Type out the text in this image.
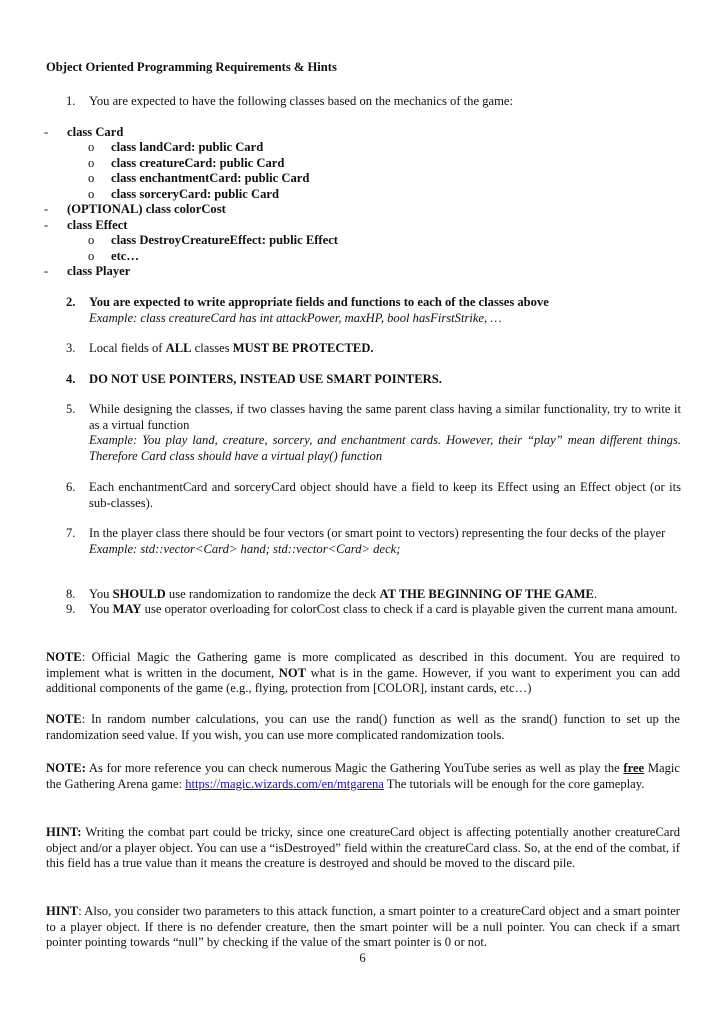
Object Oriented Programming Requirements & Hints
1. You are expected to have the following classes based on the mechanics of the game:
- class Card
o class landCard: public Card
o class creatureCard: public Card
o class enchantmentCard: public Card
o class sorceryCard: public Card
- (OPTIONAL) class colorCost
- class Effect
o class DestroyCreatureEffect: public Effect
o etc…
- class Player
2. You are expected to write appropriate fields and functions to each of the classes above
Example: class creatureCard has int attackPower, maxHP, bool hasFirstStrike, …
3. Local fields of ALL classes MUST BE PROTECTED.
4. DO NOT USE POINTERS, INSTEAD USE SMART POINTERS.
5. While designing the classes, if two classes having the same parent class having a similar functionality, try to write it as a virtual function
Example: You play land, creature, sorcery, and enchantment cards. However, their “play” mean different things. Therefore Card class should have a virtual play() function
6. Each enchantmentCard and sorceryCard object should have a field to keep its Effect using an Effect object (or its sub-classes).
7. In the player class there should be four vectors (or smart point to vectors) representing the four decks of the player
Example: std::vector<Card> hand; std::vector<Card> deck;
8. You SHOULD use randomization to randomize the deck AT THE BEGINNING OF THE GAME.
9. You MAY use operator overloading for colorCost class to check if a card is playable given the current mana amount.
NOTE: Official Magic the Gathering game is more complicated as described in this document. You are required to implement what is written in the document, NOT what is in the game. However, if you want to experiment you can add additional components of the game (e.g., flying, protection from [COLOR], instant cards, etc…)
NOTE: In random number calculations, you can use the rand() function as well as the srand() function to set up the randomization seed value. If you wish, you can use more complicated randomization tools.
NOTE: As for more reference you can check numerous Magic the Gathering YouTube series as well as play the free Magic the Gathering Arena game: https://magic.wizards.com/en/mtgarena The tutorials will be enough for the core gameplay.
HINT: Writing the combat part could be tricky, since one creatureCard object is affecting potentially another creatureCard object and/or a player object. You can use a “isDestroyed” field within the creatureCard class. So, at the end of the combat, if this field has a true value than it means the creature is destroyed and should be moved to the discard pile.
HINT: Also, you consider two parameters to this attack function, a smart pointer to a creatureCard object and a smart pointer to a player object. If there is no defender creature, then the smart pointer will be a null pointer. You can check if a smart pointer pointing towards “null” by checking if the value of the smart pointer is 0 or not.
6
